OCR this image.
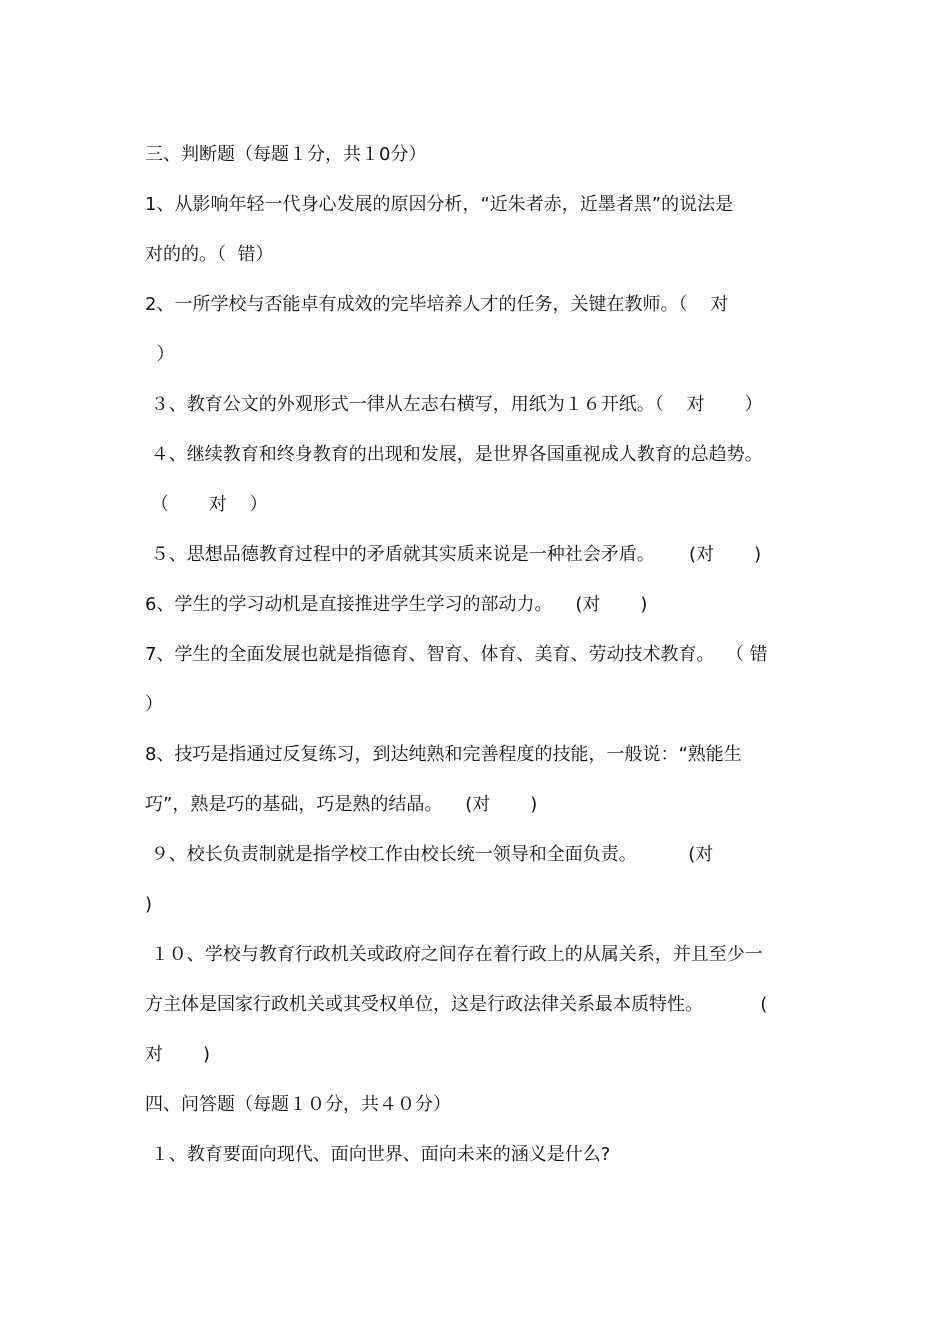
三、判断题（每题１分，共１0分）
1、从影响年轻一代身心发展的原因分析，“近朱者赤，近墨者黑”的说法是
对的的。（  错）
2、一所学校与否能卓有成效的完毕培养人才的任务，关键在教师。（    对
）
３、教育公文的外观形式一律从左志右横写，用纸为１６开纸。（    对       ）
４、继续教育和终身教育的出现和发展，是世界各国重视成人教育的总趋势。
（       对    ）
５、思想品德教育过程中的矛盾就其实质来说是一种社会矛盾。      (对       )
6、学生的学习动机是直接推进学生学习的部动力。    (对       )
7、学生的全面发展也就是指德育、智育、体育、美育、劳动技术教育。  （ 错
）
8、技巧是指通过反复练习，到达纯熟和完善程度的技能，一般说：“熟能生
巧”，熟是巧的基础，巧是熟的结晶。    (对       )
９、校长负责制就是指学校工作由校长统一领导和全面负责。         (对
)
１０、学校与教育行政机关或政府之间存在着行政上的从属关系，并且至少一
方主体是国家行政机关或其受权单位，这是行政法律关系最本质特性。          (
对       )
四、问答题（每题１０分，共４０分）
１、教育要面向现代、面向世界、面向未来的涵义是什么?
